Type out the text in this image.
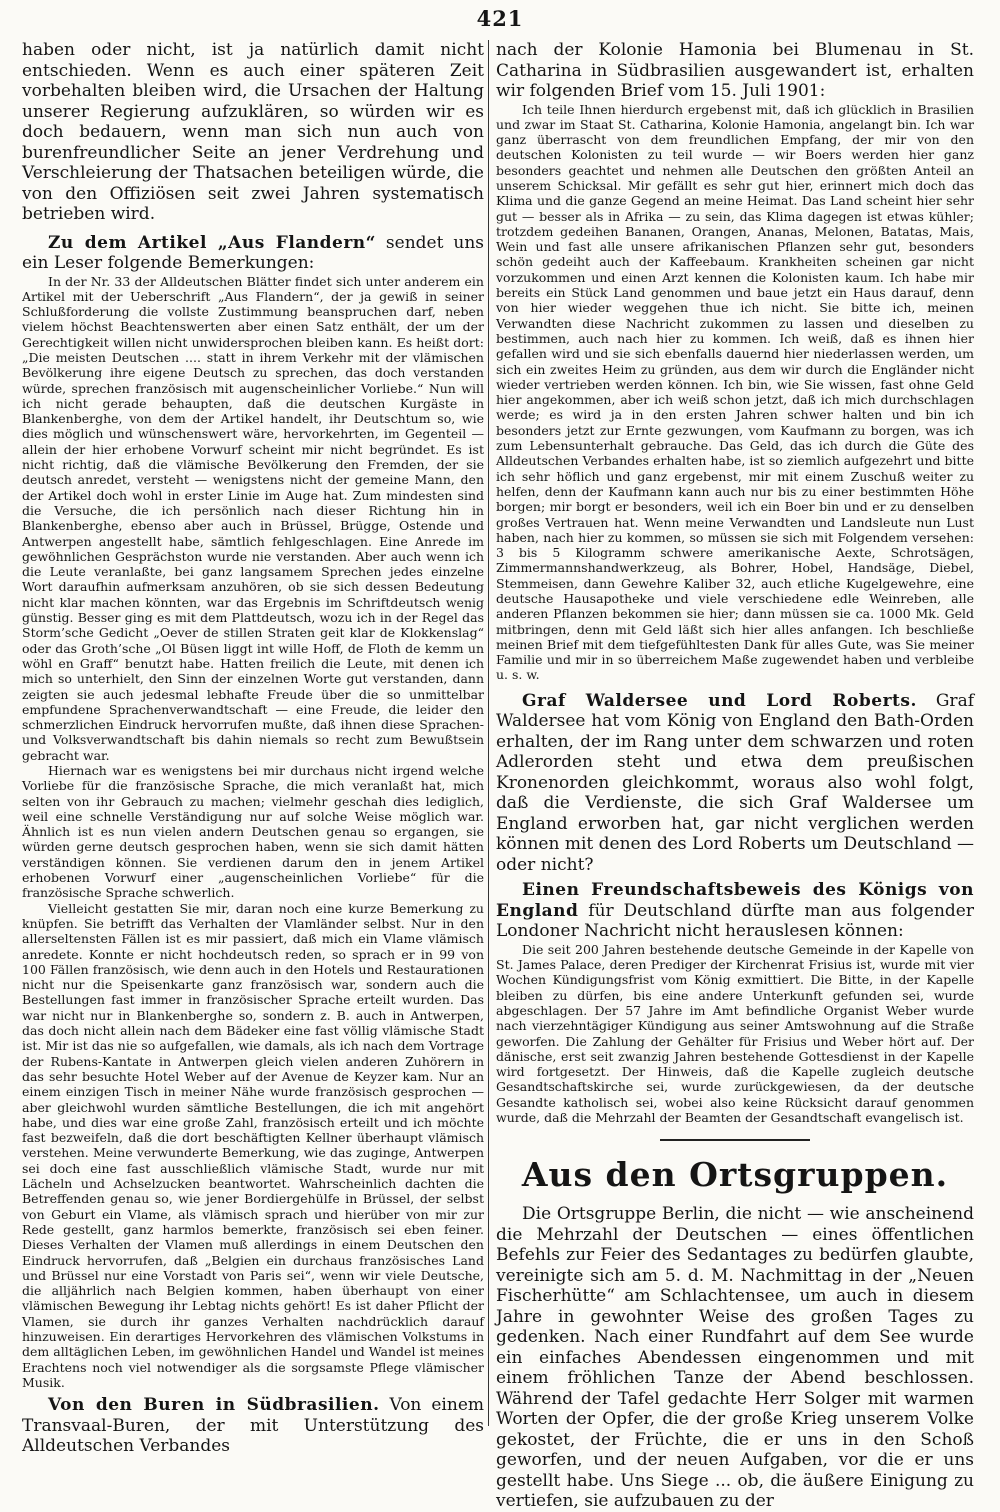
421

haben oder nicht, ist ja natürlich damit nicht entschieden. Wenn es auch einer späteren Zeit vorbehalten bleiben wird, die Ursachen der Haltung unserer Regierung aufzuklären, so würden wir es doch bedauern, wenn man sich nun auch von burenfreundlicher Seite an jener Verdrehung und Verschleierung der Thatsachen beteiligen würde, die von den Offiziösen seit zwei Jahren systematisch betrieben wird.

Zu dem Artikel „Aus Flandern“ sendet uns ein Leser folgende Bemerkungen:

In der Nr. 33 der Alldeutschen Blätter findet sich unter anderem ein Artikel mit der Ueberschrift „Aus Flandern“, der ja gewiß in seiner Schlußforderung die vollste Zustimmung beanspruchen darf, neben vielem höchst Beachtenswerten aber einen Satz enthält, der um der Gerechtigkeit willen nicht unwidersprochen bleiben kann. Es heißt dort: „Die meisten Deutschen .... statt in ihrem Verkehr mit der vlämischen Bevölkerung ihre eigene Deutsch zu sprechen, das doch verstanden würde, sprechen französisch mit augenscheinlicher Vorliebe.“ Nun will ich nicht gerade behaupten, daß die deutschen Kurgäste in Blankenberghe, von dem der Artikel handelt, ihr Deutschtum so, wie dies möglich und wünschenswert wäre, hervorkehrten, im Gegenteil — allein der hier erhobene Vorwurf scheint mir nicht begründet. Es ist nicht richtig, daß die vlämische Bevölkerung den Fremden, der sie deutsch anredet, versteht — wenigstens nicht der gemeine Mann, den der Artikel doch wohl in erster Linie im Auge hat. Zum mindesten sind die Versuche, die ich persönlich nach dieser Richtung hin in Blankenberghe, ebenso aber auch in Brüssel, Brügge, Ostende und Antwerpen angestellt habe, sämtlich fehlgeschlagen. Eine Anrede im gewöhnlichen Gesprächston wurde nie verstanden. Aber auch wenn ich die Leute veranlaßte, bei ganz langsamem Sprechen jedes einzelne Wort daraufhin aufmerksam anzuhören, ob sie sich dessen Bedeutung nicht klar machen könnten, war das Ergebnis im Schriftdeutsch wenig günstig. Besser ging es mit dem Plattdeutsch, wozu ich in der Regel das Storm’sche Gedicht „Oever de stillen Straten geit klar de Klokkenslag“ oder das Groth’sche „Ol Büsen liggt int wille Hoff, de Floth de kemm un wöhl en Graff“ benutzt habe. Hatten freilich die Leute, mit denen ich mich so unterhielt, den Sinn der einzelnen Worte gut verstanden, dann zeigten sie auch jedesmal lebhafte Freude über die so unmittelbar empfundene Sprachenverwandtschaft — eine Freude, die leider den schmerzlichen Eindruck hervorrufen mußte, daß ihnen diese Sprachen- und Volksverwandtschaft bis dahin niemals so recht zum Bewußtsein gebracht war.

Hiernach war es wenigstens bei mir durchaus nicht irgend welche Vorliebe für die französische Sprache, die mich veranlaßt hat, mich selten von ihr Gebrauch zu machen; vielmehr geschah dies lediglich, weil eine schnelle Verständigung nur auf solche Weise möglich war. Ähnlich ist es nun vielen andern Deutschen genau so ergangen, sie würden gerne deutsch gesprochen haben, wenn sie sich damit hätten verständigen können. Sie verdienen darum den in jenem Artikel erhobenen Vorwurf einer „augenscheinlichen Vorliebe“ für die französische Sprache schwerlich.

Vielleicht gestatten Sie mir, daran noch eine kurze Bemerkung zu knüpfen. Sie betrifft das Verhalten der Vlamländer selbst. Nur in den allerseltensten Fällen ist es mir passiert, daß mich ein Vlame vlämisch anredete. Konnte er nicht hochdeutsch reden, so sprach er in 99 von 100 Fällen französisch, wie denn auch in den Hotels und Restaurationen nicht nur die Speisenkarte ganz französisch war, sondern auch die Bestellungen fast immer in französischer Sprache erteilt wurden. Das war nicht nur in Blankenberghe so, sondern z. B. auch in Antwerpen, das doch nicht allein nach dem Bädeker eine fast völlig vlämische Stadt ist. Mir ist das nie so aufgefallen, wie damals, als ich nach dem Vortrage der Rubens-Kantate in Antwerpen gleich vielen anderen Zuhörern in das sehr besuchte Hotel Weber auf der Avenue de Keyzer kam. Nur an einem einzigen Tisch in meiner Nähe wurde französisch gesprochen — aber gleichwohl wurden sämtliche Bestellungen, die ich mit angehört habe, und dies war eine große Zahl, französisch erteilt und ich möchte fast bezweifeln, daß die dort beschäftigten Kellner überhaupt vlämisch verstehen. Meine verwunderte Bemerkung, wie das zuginge, Antwerpen sei doch eine fast ausschließlich vlämische Stadt, wurde nur mit Lächeln und Achselzucken beantwortet. Wahrscheinlich dachten die Betreffenden genau so, wie jener Bordiergehülfe in Brüssel, der selbst von Geburt ein Vlame, als vlämisch sprach und hierüber von mir zur Rede gestellt, ganz harmlos bemerkte, französisch sei eben feiner. Dieses Verhalten der Vlamen muß allerdings in einem Deutschen den Eindruck hervorrufen, daß „Belgien ein durchaus französisches Land und Brüssel nur eine Vorstadt von Paris sei“, wenn wir viele Deutsche, die alljährlich nach Belgien kommen, haben überhaupt von einer vlämischen Bewegung ihr Lebtag nichts gehört! Es ist daher Pflicht der Vlamen, sie durch ihr ganzes Verhalten nachdrücklich darauf hinzuweisen. Ein derartiges Hervorkehren des vlämischen Volkstums in dem alltäglichen Leben, im gewöhnlichen Handel und Wandel ist meines Erachtens noch viel notwendiger als die sorgsamste Pflege vlämischer Musik.

Von den Buren in Südbrasilien. Von einem Transvaal-Buren, der mit Unterstützung des Alldeutschen Verbandes

nach der Kolonie Hamonia bei Blumenau in St. Catharina in Südbrasilien ausgewandert ist, erhalten wir folgenden Brief vom 15. Juli 1901:

Ich teile Ihnen hierdurch ergebenst mit, daß ich glücklich in Brasilien und zwar im Staat St. Catharina, Kolonie Hamonia, angelangt bin. Ich war ganz überrascht von dem freundlichen Empfang, der mir von den deutschen Kolonisten zu teil wurde — wir Boers werden hier ganz besonders geachtet und nehmen alle Deutschen den größten Anteil an unserem Schicksal. Mir gefällt es sehr gut hier, erinnert mich doch das Klima und die ganze Gegend an meine Heimat. Das Land scheint hier sehr gut — besser als in Afrika — zu sein, das Klima dagegen ist etwas kühler; trotzdem gedeihen Bananen, Orangen, Ananas, Melonen, Batatas, Mais, Wein und fast alle unsere afrikanischen Pflanzen sehr gut, besonders schön gedeiht auch der Kaffeebaum. Krankheiten scheinen gar nicht vorzukommen und einen Arzt kennen die Kolonisten kaum. Ich habe mir bereits ein Stück Land genommen und baue jetzt ein Haus darauf, denn von hier wieder weggehen thue ich nicht. Sie bitte ich, meinen Verwandten diese Nachricht zukommen zu lassen und dieselben zu bestimmen, auch nach hier zu kommen. Ich weiß, daß es ihnen hier gefallen wird und sie sich ebenfalls dauernd hier niederlassen werden, um sich ein zweites Heim zu gründen, aus dem wir durch die Engländer nicht wieder vertrieben werden können. Ich bin, wie Sie wissen, fast ohne Geld hier angekommen, aber ich weiß schon jetzt, daß ich mich durchschlagen werde; es wird ja in den ersten Jahren schwer halten und bin ich besonders jetzt zur Ernte gezwungen, vom Kaufmann zu borgen, was ich zum Lebensunterhalt gebrauche. Das Geld, das ich durch die Güte des Alldeutschen Verbandes erhalten habe, ist so ziemlich aufgezehrt und bitte ich sehr höflich und ganz ergebenst, mir mit einem Zuschuß weiter zu helfen, denn der Kaufmann kann auch nur bis zu einer bestimmten Höhe borgen; mir borgt er besonders, weil ich ein Boer bin und er zu denselben großes Vertrauen hat. Wenn meine Verwandten und Landsleute nun Lust haben, nach hier zu kommen, so müssen sie sich mit Folgendem versehen: 3 bis 5 Kilogramm schwere amerikanische Aexte, Schrotsägen, Zimmermannshandwerkzeug, als Bohrer, Hobel, Handsäge, Diebel, Stemmeisen, dann Gewehre Kaliber 32, auch etliche Kugelgewehre, eine deutsche Hausapotheke und viele verschiedene edle Weinreben, alle anderen Pflanzen bekommen sie hier; dann müssen sie ca. 1000 Mk. Geld mitbringen, denn mit Geld läßt sich hier alles anfangen. Ich beschließe meinen Brief mit dem tiefgefühltesten Dank für alles Gute, was Sie meiner Familie und mir in so überreichem Maße zugewendet haben und verbleibe u. s. w.

Graf Waldersee und Lord Roberts. Graf Waldersee hat vom König von England den Bath-Orden erhalten, der im Rang unter dem schwarzen und roten Adlerorden steht und etwa dem preußischen Kronenorden gleichkommt, woraus also wohl folgt, daß die Verdienste, die sich Graf Waldersee um England erworben hat, gar nicht verglichen werden können mit denen des Lord Roberts um Deutschland — oder nicht?

Einen Freundschaftsbeweis des Königs von England für Deutschland dürfte man aus folgender Londoner Nachricht nicht herauslesen können:

Die seit 200 Jahren bestehende deutsche Gemeinde in der Kapelle von St. James Palace, deren Prediger der Kirchenrat Frisius ist, wurde mit vier Wochen Kündigungsfrist vom König exmittiert. Die Bitte, in der Kapelle bleiben zu dürfen, bis eine andere Unterkunft gefunden sei, wurde abgeschlagen. Der 57 Jahre im Amt befindliche Organist Weber wurde nach vierzehntägiger Kündigung aus seiner Amtswohnung auf die Straße geworfen. Die Zahlung der Gehälter für Frisius und Weber hört auf. Der dänische, erst seit zwanzig Jahren bestehende Gottesdienst in der Kapelle wird fortgesetzt. Der Hinweis, daß die Kapelle zugleich deutsche Gesandtschaftskirche sei, wurde zurückgewiesen, da der deutsche Gesandte katholisch sei, wobei also keine Rücksicht darauf genommen wurde, daß die Mehrzahl der Beamten der Gesandtschaft evangelisch ist.

Aus den Ortsgruppen.

Die Ortsgruppe Berlin, die nicht — wie anscheinend die Mehrzahl der Deutschen — eines öffentlichen Befehls zur Feier des Sedantages zu bedürfen glaubte, vereinigte sich am 5. d. M. Nachmittag in der „Neuen Fischerhütte“ am Schlachtensee, um auch in diesem Jahre in gewohnter Weise des großen Tages zu gedenken. Nach einer Rundfahrt auf dem See wurde ein einfaches Abendessen eingenommen und mit einem fröhlichen Tanze der Abend beschlossen. Während der Tafel gedachte Herr Solger mit warmen Worten der Opfer, die der große Krieg unserem Volke gekostet, der Früchte, die er uns in den Schoß geworfen, und der neuen Aufgaben, vor die er uns gestellt habe. Uns Siege ... ob, die äußere Einigung zu vertiefen, sie aufzubauen zu der
